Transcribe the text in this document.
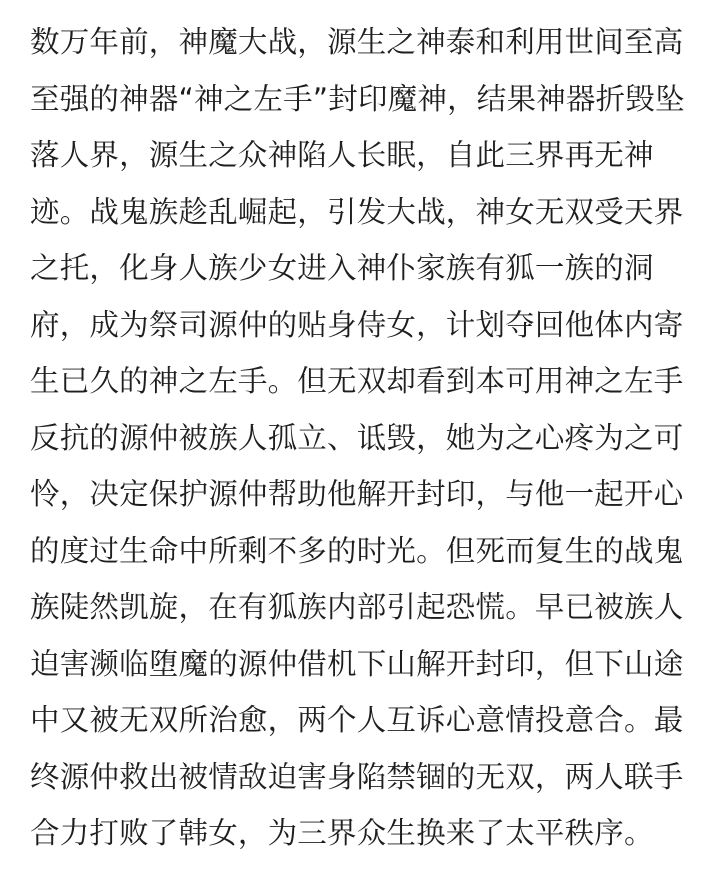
数万年前，神魔大战，源生之神泰和利用世间至高
至强的神器“神之左手”封印魔神，结果神器折毁坠
落人界，源生之众神陷人长眠，自此三界再无神
迹。战鬼族趁乱崛起，引发大战，神女无双受天界
之托，化身人族少女进入神仆家族有狐一族的洞
府，成为祭司源仲的贴身侍女，计划夺回他体内寄
生已久的神之左手。但无双却看到本可用神之左手
反抗的源仲被族人孤立、诋毁，她为之心疼为之可
怜，决定保护源仲帮助他解开封印，与他一起开心
的度过生命中所剩不多的时光。但死而复生的战鬼
族陡然凯旋，在有狐族内部引起恐慌。早已被族人
迫害濒临堕魔的源仲借机下山解开封印，但下山途
中又被无双所治愈，两个人互诉心意情投意合。最
终源仲救出被情敌迫害身陷禁锢的无双，两人联手
合力打败了韩女，为三界众生换来了太平秩序。
